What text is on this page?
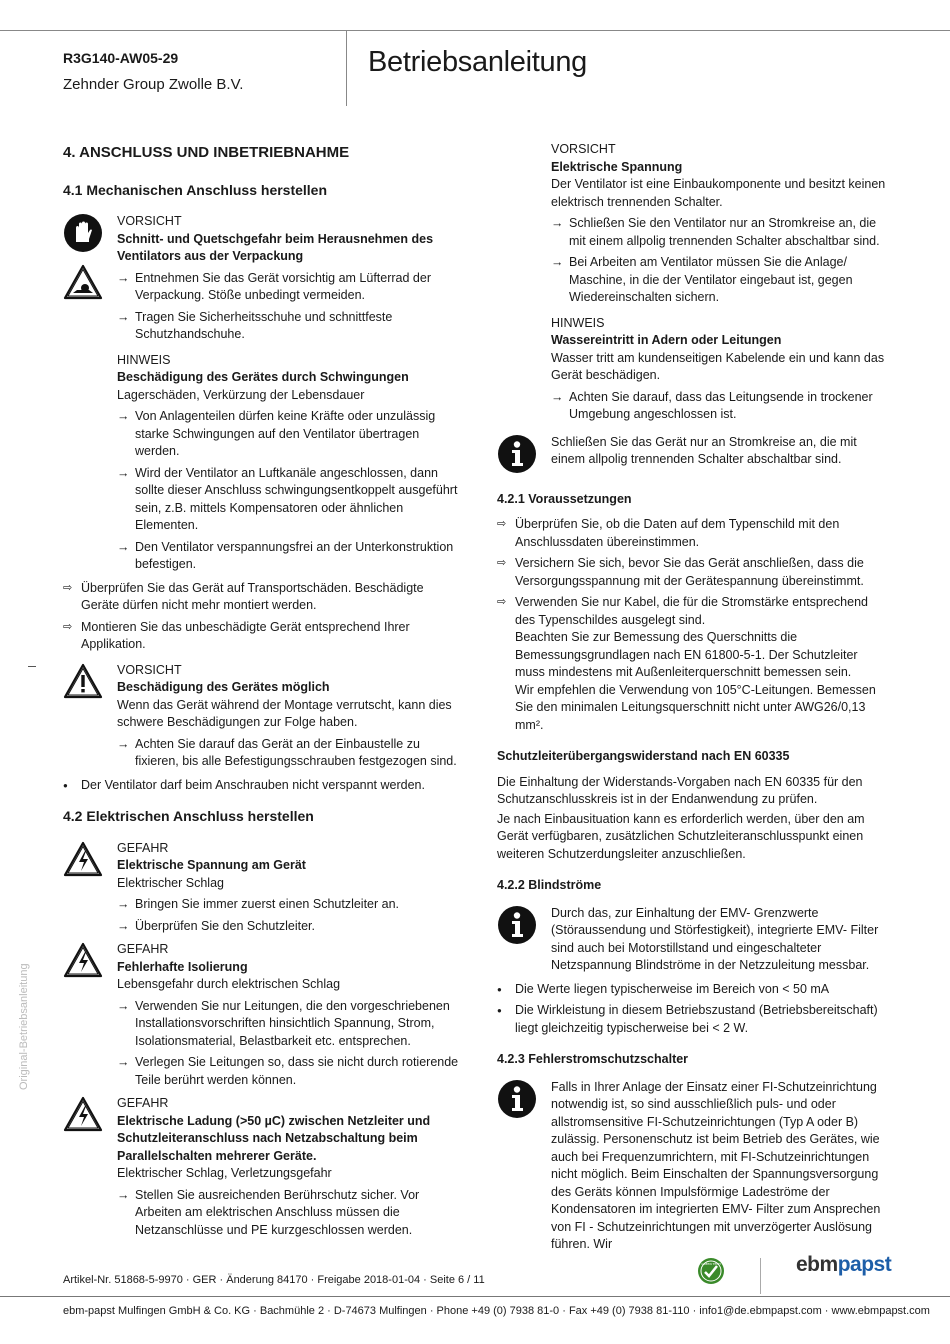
R3G140-AW05-29
Zehnder Group Zwolle B.V.
Betriebsanleitung
Original-Betriebsanleitung
4. ANSCHLUSS UND INBETRIEBNAHME
4.1 Mechanischen Anschluss herstellen

VORSICHT
Schnitt- und Quetschgefahr beim Herausnehmen des Ventilators aus der Verpackung
→ Entnehmen Sie das Gerät vorsichtig am Lüfterrad der Verpackung. Stöße unbedingt vermeiden.
→ Tragen Sie Sicherheitsschuhe und schnittfeste Schutzhandschuhe.
HINWEIS
Beschädigung des Gerätes durch Schwingungen
Lagerschäden, Verkürzung der Lebensdauer
→ Von Anlagenteilen dürfen keine Kräfte oder unzulässig starke Schwingungen auf den Ventilator übertragen werden.
→ Wird der Ventilator an Luftkanäle angeschlossen, dann sollte dieser Anschluss schwingungsentkoppelt ausgeführt sein, z.B. mittels Kompensatoren oder ähnlichen Elementen.
→ Den Ventilator verspannungsfrei an der Unterkonstruktion befestigen.
⇨ Überprüfen Sie das Gerät auf Transportschäden. Beschädigte Geräte dürfen nicht mehr montiert werden.
⇨ Montieren Sie das unbeschädigte Gerät entsprechend Ihrer Applikation.
VORSICHT
Beschädigung des Gerätes möglich
Wenn das Gerät während der Montage verrutscht, kann dies schwere Beschädigungen zur Folge haben.
→ Achten Sie darauf das Gerät an der Einbaustelle zu fixieren, bis alle Befestigungsschrauben festgezogen sind.
● Der Ventilator darf beim Anschrauben nicht verspannt werden.
4.2 Elektrischen Anschluss herstellen
GEFAHR
Elektrische Spannung am Gerät
Elektrischer Schlag
→ Bringen Sie immer zuerst einen Schutzleiter an.
→ Überprüfen Sie den Schutzleiter.
GEFAHR
Fehlerhafte Isolierung
Lebensgefahr durch elektrischen Schlag
→ Verwenden Sie nur Leitungen, die den vorgeschriebenen Installationsvorschriften hinsichtlich Spannung, Strom, Isolationsmaterial, Belastbarkeit etc. entsprechen.
→ Verlegen Sie Leitungen so, dass sie nicht durch rotierende Teile berührt werden können.
GEFAHR
Elektrische Ladung (>50 µC) zwischen Netzleiter und Schutzleiteranschluss nach Netzabschaltung beim Parallelschalten mehrerer Geräte.
Elektrischer Schlag, Verletzungsgefahr
→ Stellen Sie ausreichenden Berührschutz sicher. Vor Arbeiten am elektrischen Anschluss müssen die Netzanschlüsse und PE kurzgeschlossen werden.
VORSICHT
Elektrische Spannung
Der Ventilator ist eine Einbaukomponente und besitzt keinen elektrisch trennenden Schalter.
→ Schließen Sie den Ventilator nur an Stromkreise an, die mit einem allpolig trennenden Schalter abschaltbar sind.
→ Bei Arbeiten am Ventilator müssen Sie die Anlage/ Maschine, in die der Ventilator eingebaut ist, gegen Wiedereinschalten sichern.
HINWEIS
Wassereintritt in Adern oder Leitungen
Wasser tritt am kundenseitigen Kabelende ein und kann das Gerät beschädigen.
→ Achten Sie darauf, dass das Leitungsende in trockener Umgebung angeschlossen ist.
Schließen Sie das Gerät nur an Stromkreise an, die mit einem allpolig trennenden Schalter abschaltbar sind.
4.2.1 Voraussetzungen
⇨ Überprüfen Sie, ob die Daten auf dem Typenschild mit den Anschlussdaten übereinstimmen.
⇨ Versichern Sie sich, bevor Sie das Gerät anschließen, dass die Versorgungsspannung mit der Gerätespannung übereinstimmt.
⇨ Verwenden Sie nur Kabel, die für die Stromstärke entsprechend des Typenschildes ausgelegt sind.
Beachten Sie zur Bemessung des Querschnitts die Bemessungsgrundlagen nach EN 61800-5-1. Der Schutzleiter muss mindestens mit Außenleiterquerschnitt bemessen sein.
Wir empfehlen die Verwendung von 105°C-Leitungen. Bemessen Sie den minimalen Leitungsquerschnitt nicht unter AWG26/0,13 mm².
Schutzleiterübergangswiderstand nach EN 60335
Die Einhaltung der Widerstands-Vorgaben nach EN 60335 für den Schutzanschlusskreis ist in der Endanwendung zu prüfen.
Je nach Einbausituation kann es erforderlich werden, über den am Gerät verfügbaren, zusätzlichen Schutzleiteranschlusspunkt einen weiteren Schutzerdungsleiter anzuschließen.
4.2.2 Blindströme
Durch das, zur Einhaltung der EMV- Grenzwerte (Störaussendung und Störfestigkeit), integrierte EMV- Filter sind auch bei Motorstillstand und eingeschalteter Netzspannung Blindströme in der Netzzuleitung messbar.
● Die Werte liegen typischerweise im Bereich von < 50 mA
● Die Wirkleistung in diesem Betriebszustand (Betriebsbereitschaft) liegt gleichzeitig typischerweise bei < 2 W.
4.2.3 Fehlerstromschutzschalter
Falls in Ihrer Anlage der Einsatz einer FI-Schutzeinrichtung notwendig ist, so sind ausschließlich puls- und oder allstromsensitive FI-Schutzeinrichtungen (Typ A oder B) zulässig. Personenschutz ist beim Betrieb des Gerätes, wie auch bei Frequenzumrichtern, mit FI-Schutzeinrichtungen nicht möglich. Beim Einschalten der Spannungsversorgung des Geräts können Impulsförmige Ladeströme der Kondensatoren im integrierten EMV- Filter zum Ansprechen von FI - Schutzeinrichtungen mit unverzögerter Auslösung führen. Wir
Artikel-Nr. 51868-5-9970 · GER · Änderung 84170 · Freigabe 2018-01-04 · Seite 6 / 11
GREEN TECH	ebmpapst
ebm-papst Mulfingen GmbH & Co. KG · Bachmühle 2 · D-74673 Mulfingen · Phone +49 (0) 7938 81-0 · Fax +49 (0) 7938 81-110 · info1@de.ebmpapst.com · www.ebmpapst.com
